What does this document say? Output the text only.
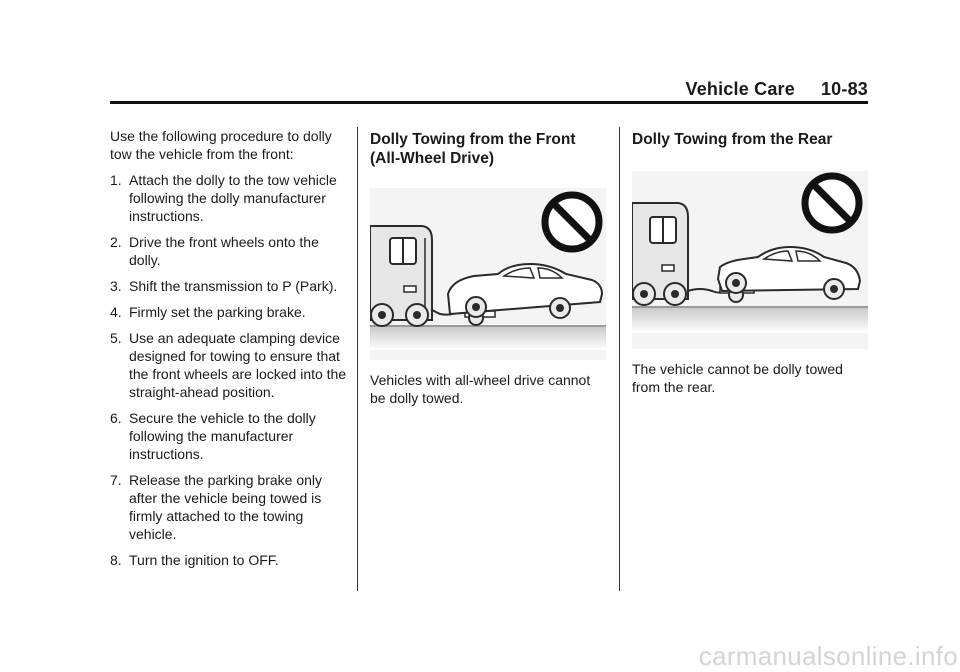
Vehicle Care 10-83

Use the following procedure to dolly tow the vehicle from the front:

1. Attach the dolly to the tow vehicle following the dolly manufacturer instructions.
2. Drive the front wheels onto the dolly.
3. Shift the transmission to P (Park).
4. Firmly set the parking brake.
5. Use an adequate clamping device designed for towing to ensure that the front wheels are locked into the straight-ahead position.
6. Secure the vehicle to the dolly following the manufacturer instructions.
7. Release the parking brake only after the vehicle being towed is firmly attached to the towing vehicle.
8. Turn the ignition to OFF.
Dolly Towing from the Front (All-Wheel Drive)

Vehicles with all-wheel drive cannot be dolly towed.

Dolly Towing from the Rear

The vehicle cannot be dolly towed from the rear.

carmanualsonline.info
